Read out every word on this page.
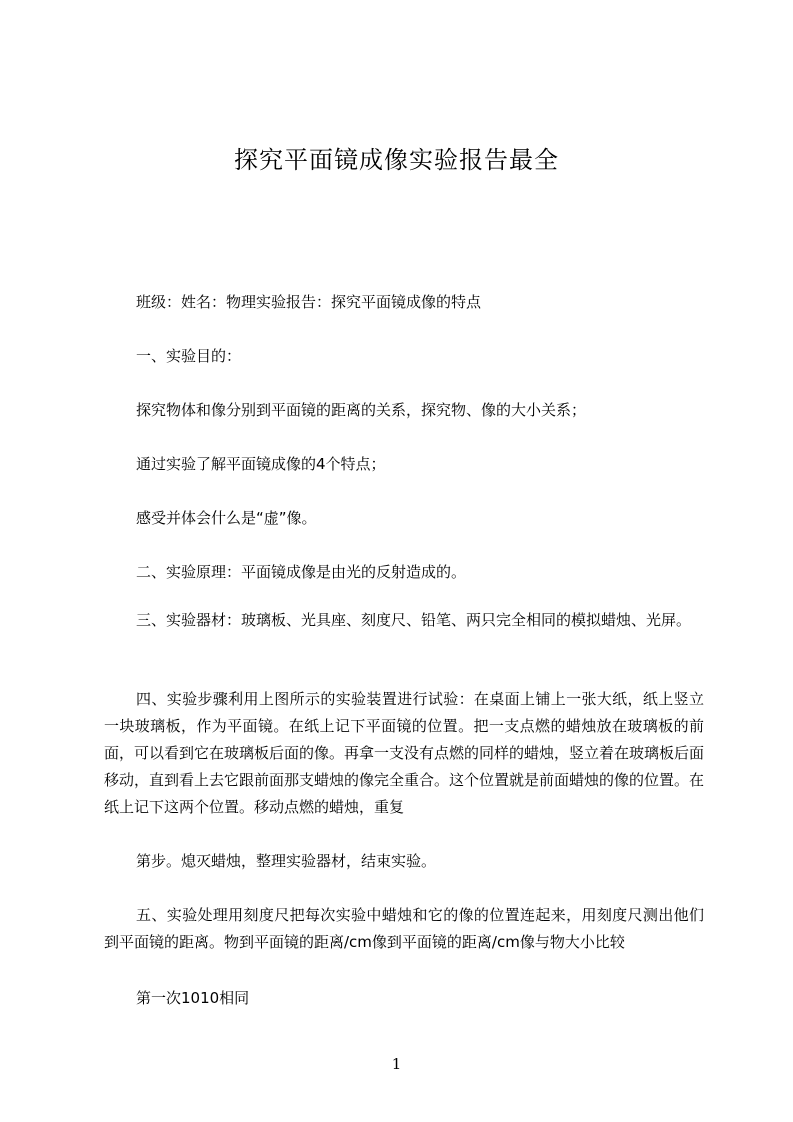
探究平面镜成像实验报告最全

班级：姓名：物理实验报告：探究平面镜成像的特点

一、实验目的：

探究物体和像分别到平面镜的距离的关系，探究物、像的大小关系；

通过实验了解平面镜成像的4个特点；

感受并体会什么是“虚”像。

二、实验原理：平面镜成像是由光的反射造成的。

三、实验器材：玻璃板、光具座、刻度尺、铅笔、两只完全相同的模拟蜡烛、光屏。

四、实验步骤利用上图所示的实验装置进行试验：在桌面上铺上一张大纸，纸上竖立一块玻璃板，作为平面镜。在纸上记下平面镜的位置。把一支点燃的蜡烛放在玻璃板的前面，可以看到它在玻璃板后面的像。再拿一支没有点燃的同样的蜡烛，竖立着在玻璃板后面移动，直到看上去它跟前面那支蜡烛的像完全重合。这个位置就是前面蜡烛的像的位置。在纸上记下这两个位置。移动点燃的蜡烛，重复

第步。熄灭蜡烛，整理实验器材，结束实验。

五、实验处理用刻度尺把每次实验中蜡烛和它的像的位置连起来，用刻度尺测出他们到平面镜的距离。物到平面镜的距离/cm像到平面镜的距离/cm像与物大小比较

第一次1010相同

1
